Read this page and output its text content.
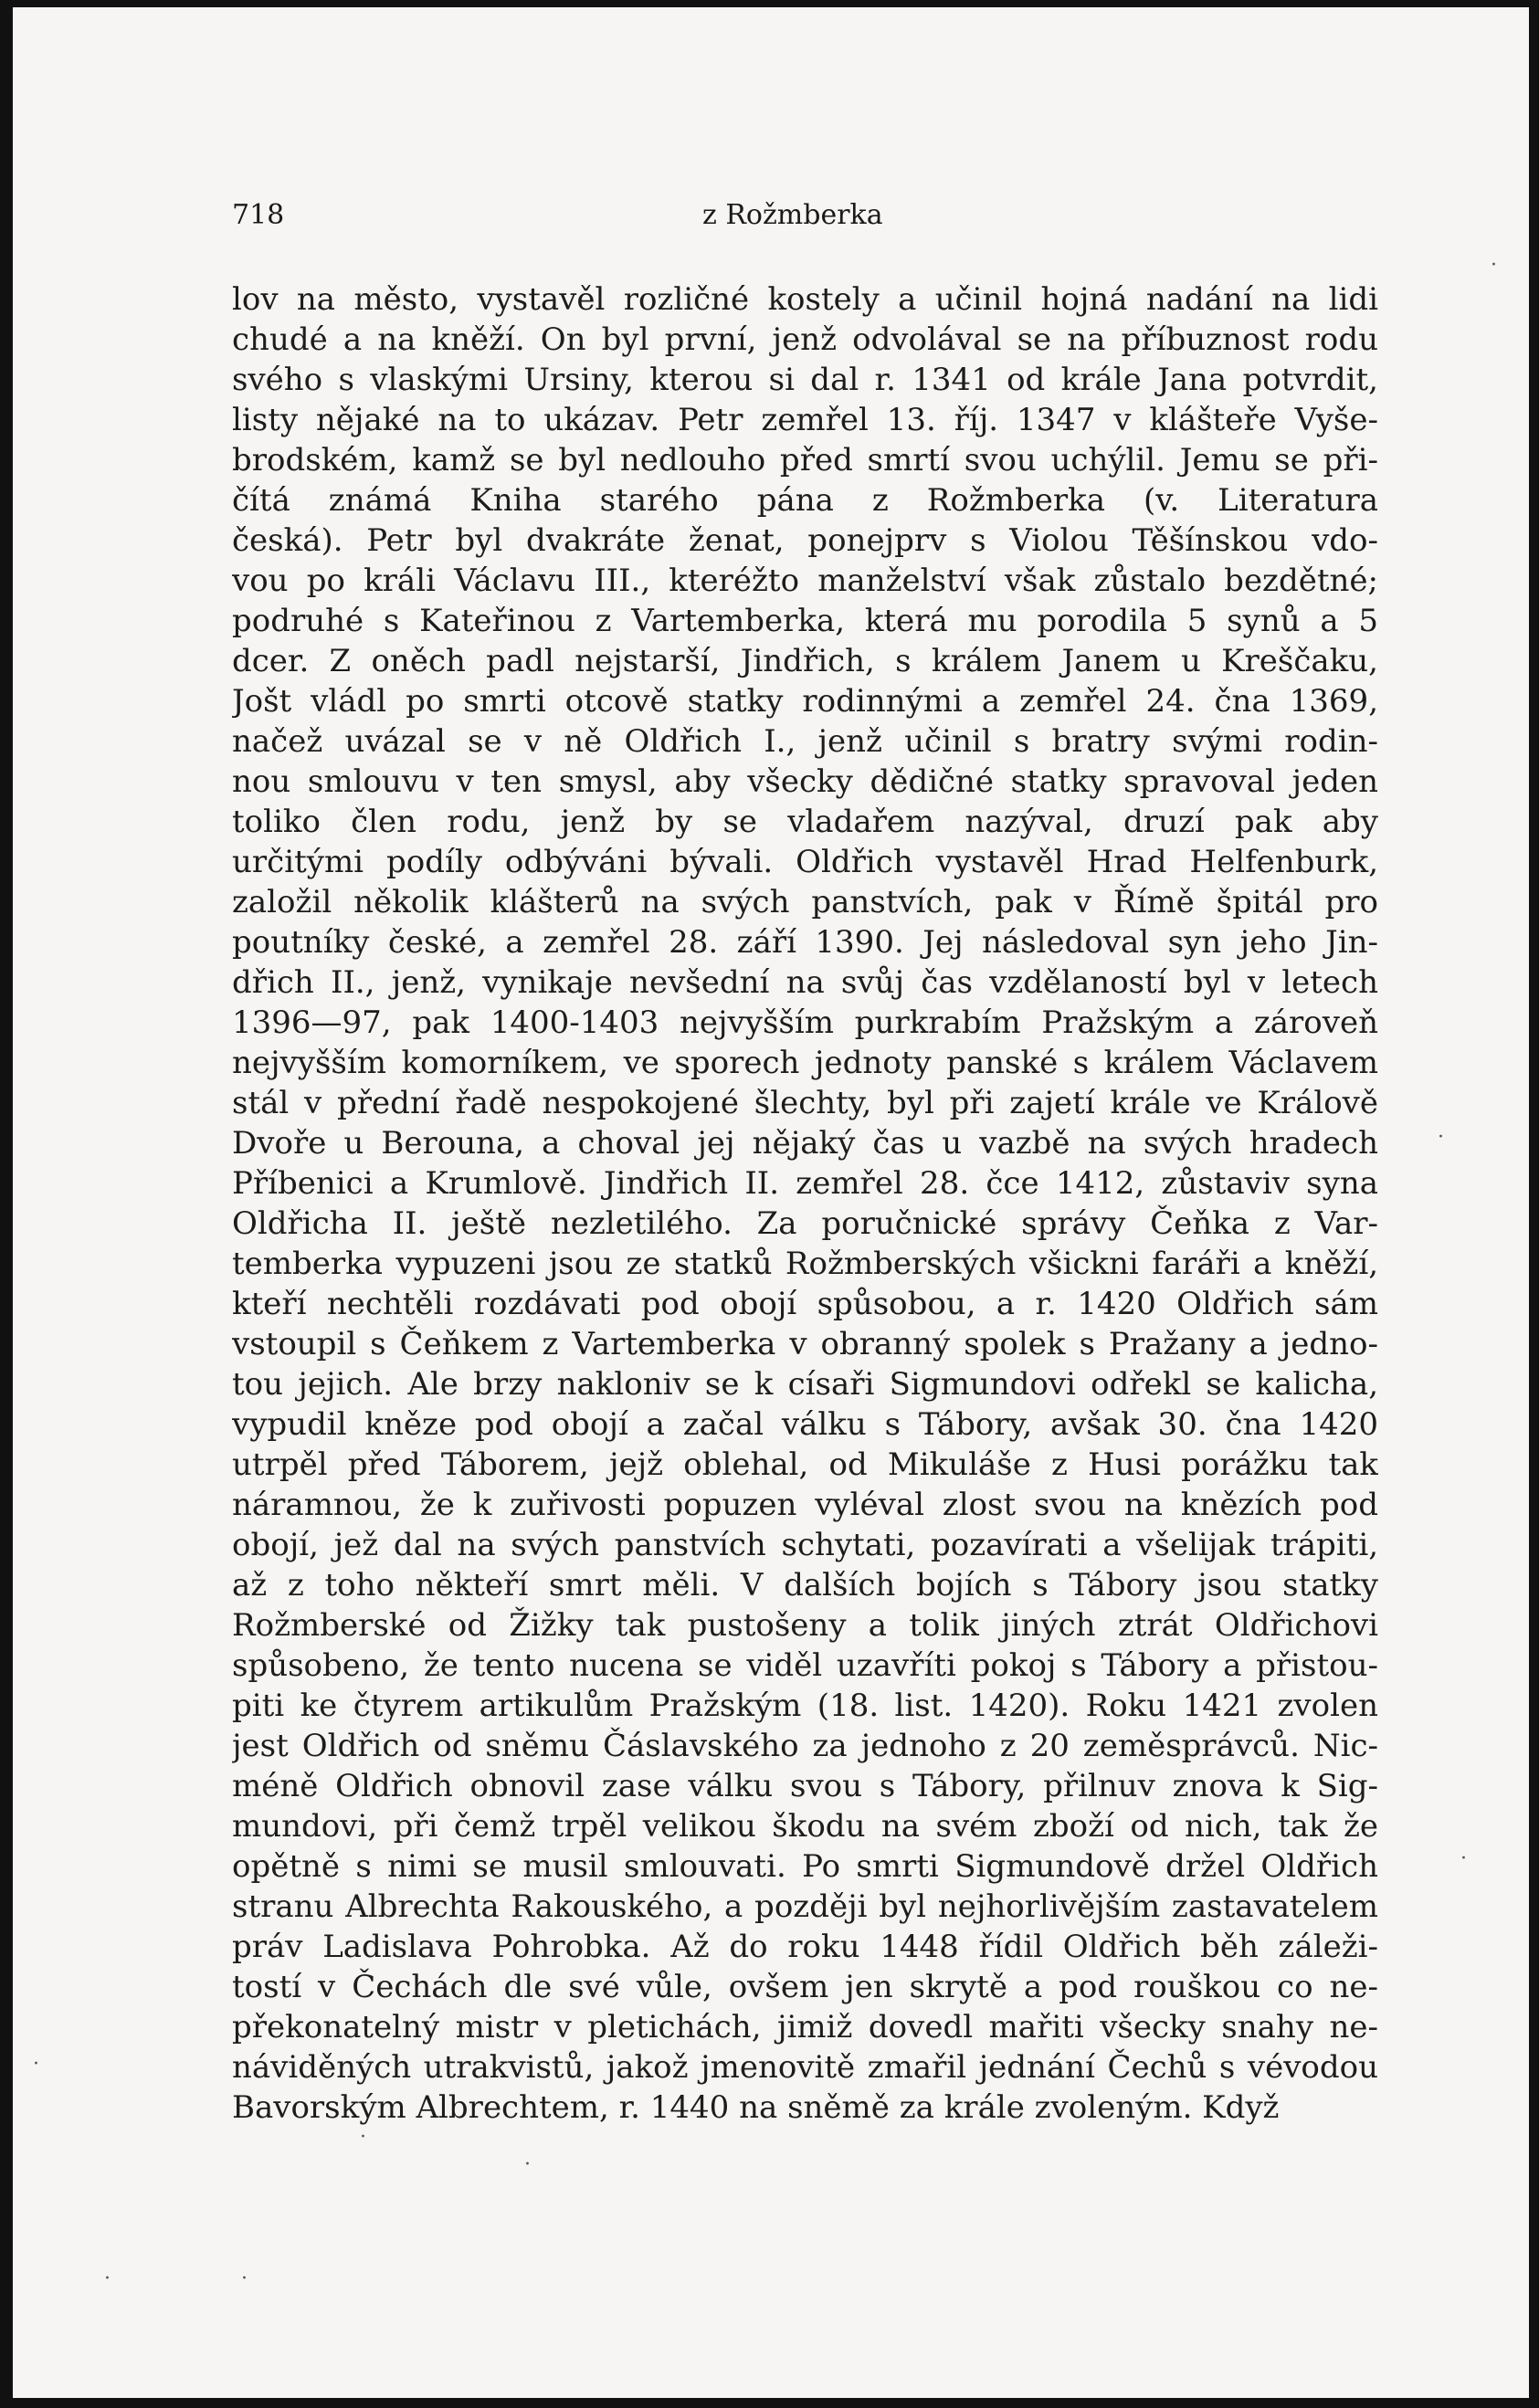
718	z Rožmberka
lov na město, vystavěl rozličné kostely a učinil hojná nadání na lidi
chudé a na kněží. On byl první, jenž odvolával se na příbuznost rodu
svého s vlaskými Ursiny, kterou si dal r. 1341 od krále Jana potvrdit,
listy nějaké na to ukázav. Petr zemřel 13. říj. 1347 v klášteře Vyše-
brodském, kamž se byl nedlouho před smrtí svou uchýlil. Jemu se při-
čítá známá Kniha starého pána z Rožmberka (v. Literatura
česká). Petr byl dvakráte ženat, ponejprv s Violou Těšínskou vdo-
vou po králi Václavu III., kteréžto manželství však zůstalo bezdětné;
podruhé s Kateřinou z Vartemberka, která mu porodila 5 synů a 5
dcer. Z oněch padl nejstarší, Jindřich, s králem Janem u Kreščaku,
Jošt vládl po smrti otcově statky rodinnými a zemřel 24. čna 1369,
načež uvázal se v ně Oldřich I., jenž učinil s bratry svými rodin-
nou smlouvu v ten smysl, aby všecky dědičné statky spravoval jeden
toliko člen rodu, jenž by se vladařem nazýval, druzí pak aby
určitými podíly odbýváni bývali. Oldřich vystavěl Hrad Helfenburk,
založil několik klášterů na svých panstvích, pak v Římě špitál pro
poutníky české, a zemřel 28. září 1390. Jej následoval syn jeho Jin-
dřich II., jenž, vynikaje nevšední na svůj čas vzdělaností byl v letech
1396—97, pak 1400-1403 nejvyšším purkrabím Pražským a zároveň
nejvyšším komorníkem, ve sporech jednoty panské s králem Václavem
stál v přední řadě nespokojené šlechty, byl při zajetí krále ve Králově
Dvoře u Berouna, a choval jej nějaký čas u vazbě na svých hradech
Příbenici a Krumlově. Jindřich II. zemřel 28. čce 1412, zůstaviv syna
Oldřicha II. ještě nezletilého. Za poručnické správy Čeňka z Var-
temberka vypuzeni jsou ze statků Rožmberských všickni faráři a kněží,
kteří nechtěli rozdávati pod obojí spůsobou, a r. 1420 Oldřich sám
vstoupil s Čeňkem z Vartemberka v obranný spolek s Pražany a jedno-
tou jejich. Ale brzy nakloniv se k císaři Sigmundovi odřekl se kalicha,
vypudil kněze pod obojí a začal válku s Tábory, avšak 30. čna 1420
utrpěl před Táborem, jejž oblehal, od Mikuláše z Husi porážku tak
náramnou, že k zuřivosti popuzen vyléval zlost svou na knězích pod
obojí, jež dal na svých panstvích schytati, pozavírati a všelijak trápiti,
až z toho někteří smrt měli. V dalších bojích s Tábory jsou statky
Rožmberské od Žižky tak pustošeny a tolik jiných ztrát Oldřichovi
spůsobeno, že tento nucena se viděl uzavříti pokoj s Tábory a přistou-
piti ke čtyrem artikulům Pražským (18. list. 1420). Roku 1421 zvolen
jest Oldřich od sněmu Čáslavského za jednoho z 20 zeměsprávců. Nic-
méně Oldřich obnovil zase válku svou s Tábory, přilnuv znova k Sig-
mundovi, při čemž trpěl velikou škodu na svém zboží od nich, tak že
opětně s nimi se musil smlouvati. Po smrti Sigmundově držel Oldřich
stranu Albrechta Rakouského, a později byl nejhorlivějším zastavatelem
práv Ladislava Pohrobka. Až do roku 1448 řídil Oldřich běh záleži-
tostí v Čechách dle své vůle, ovšem jen skrytě a pod rouškou co ne-
překonatelný mistr v pletichách, jimiž dovedl mařiti všecky snahy ne-
náviděných utrakvistů, jakož jmenovitě zmařil jednání Čechů s vévodou
Bavorským Albrechtem, r. 1440 na sněmě za krále zvoleným. Když
·
·
·
·
·
·
·	·
